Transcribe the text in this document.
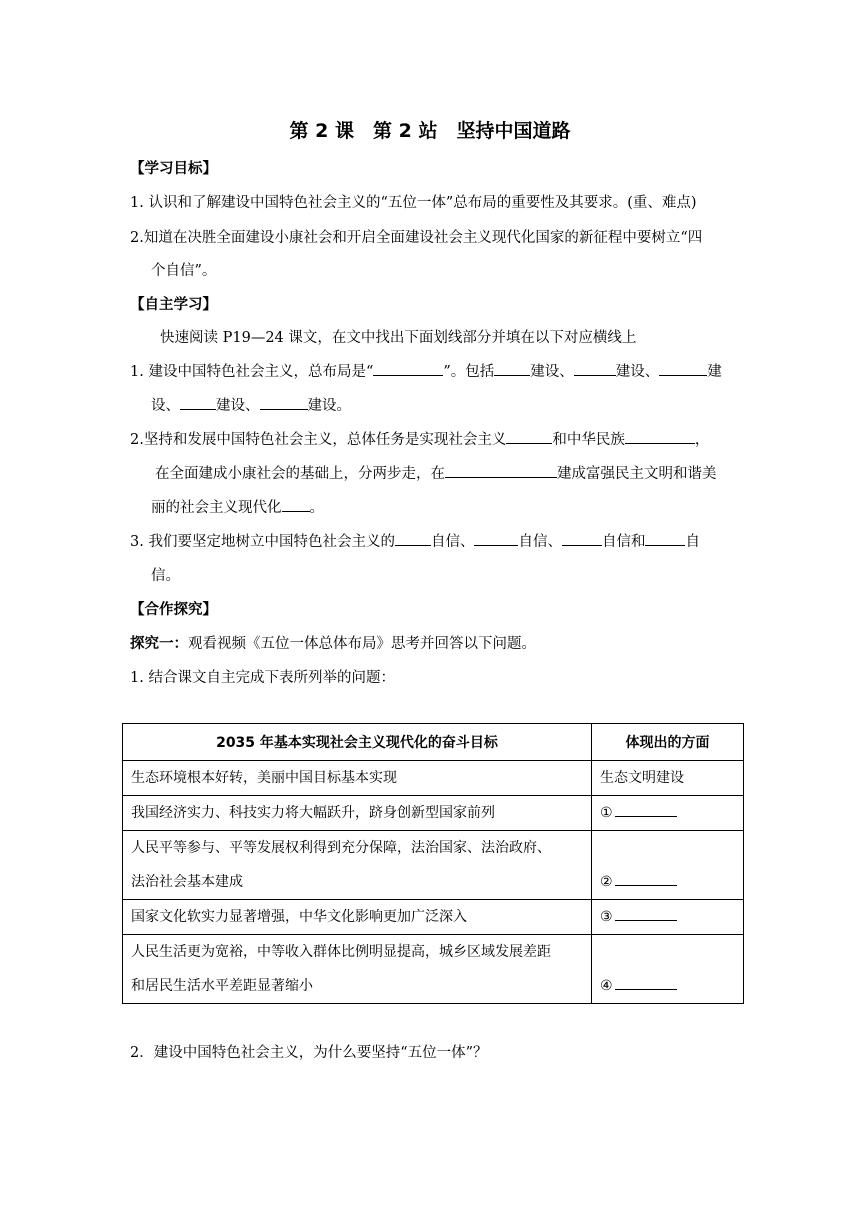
第 2 课　第 2 站　坚持中国道路
【学习目标】
1. 认识和了解建设中国特色社会主义的“五位一体”总布局的重要性及其要求。(重、难点)
2.知道在决胜全面建设小康社会和开启全面建设社会主义现代化国家的新征程中要树立“四
个自信”。
【自主学习】
快速阅读 P19—24 课文，在文中找出下面划线部分并填在以下对应横线上
1. 建设中国特色社会主义，总布局是“	”。包括 建设、	建设、	建
设、 建设、	建设。
2.坚持和发展中国特色社会主义，总体任务是实现社会主义	和中华民族	，
在全面建成小康社会的基础上，分两步走，在	建成富强民主文明和谐美
丽的社会主义现代化 。
3. 我们要坚定地树立中国特色社会主义的 自信、	自信、	自信和	自
信。
【合作探究】
探究一：观看视频《五位一体总体布局》思考并回答以下问题。
1. 结合课文自主完成下表所列举的问题：
2035 年基本实现社会主义现代化的奋斗目标	体现出的方面
生态环境根本好转，美丽中国目标基本实现	生态文明建设
我国经济实力、科技实力将大幅跃升，跻身创新型国家前列	①

人民平等参与、平等发展权利得到充分保障，法治国家、法治政府、
法治社会基本建成	②
国家文化软实力显著增强，中华文化影响更加广泛深入	③

人民生活更为宽裕，中等收入群体比例明显提高，城乡区域发展差距
和居民生活水平差距显著缩小	④
2．建设中国特色社会主义，为什么要坚持“五位一体”？
